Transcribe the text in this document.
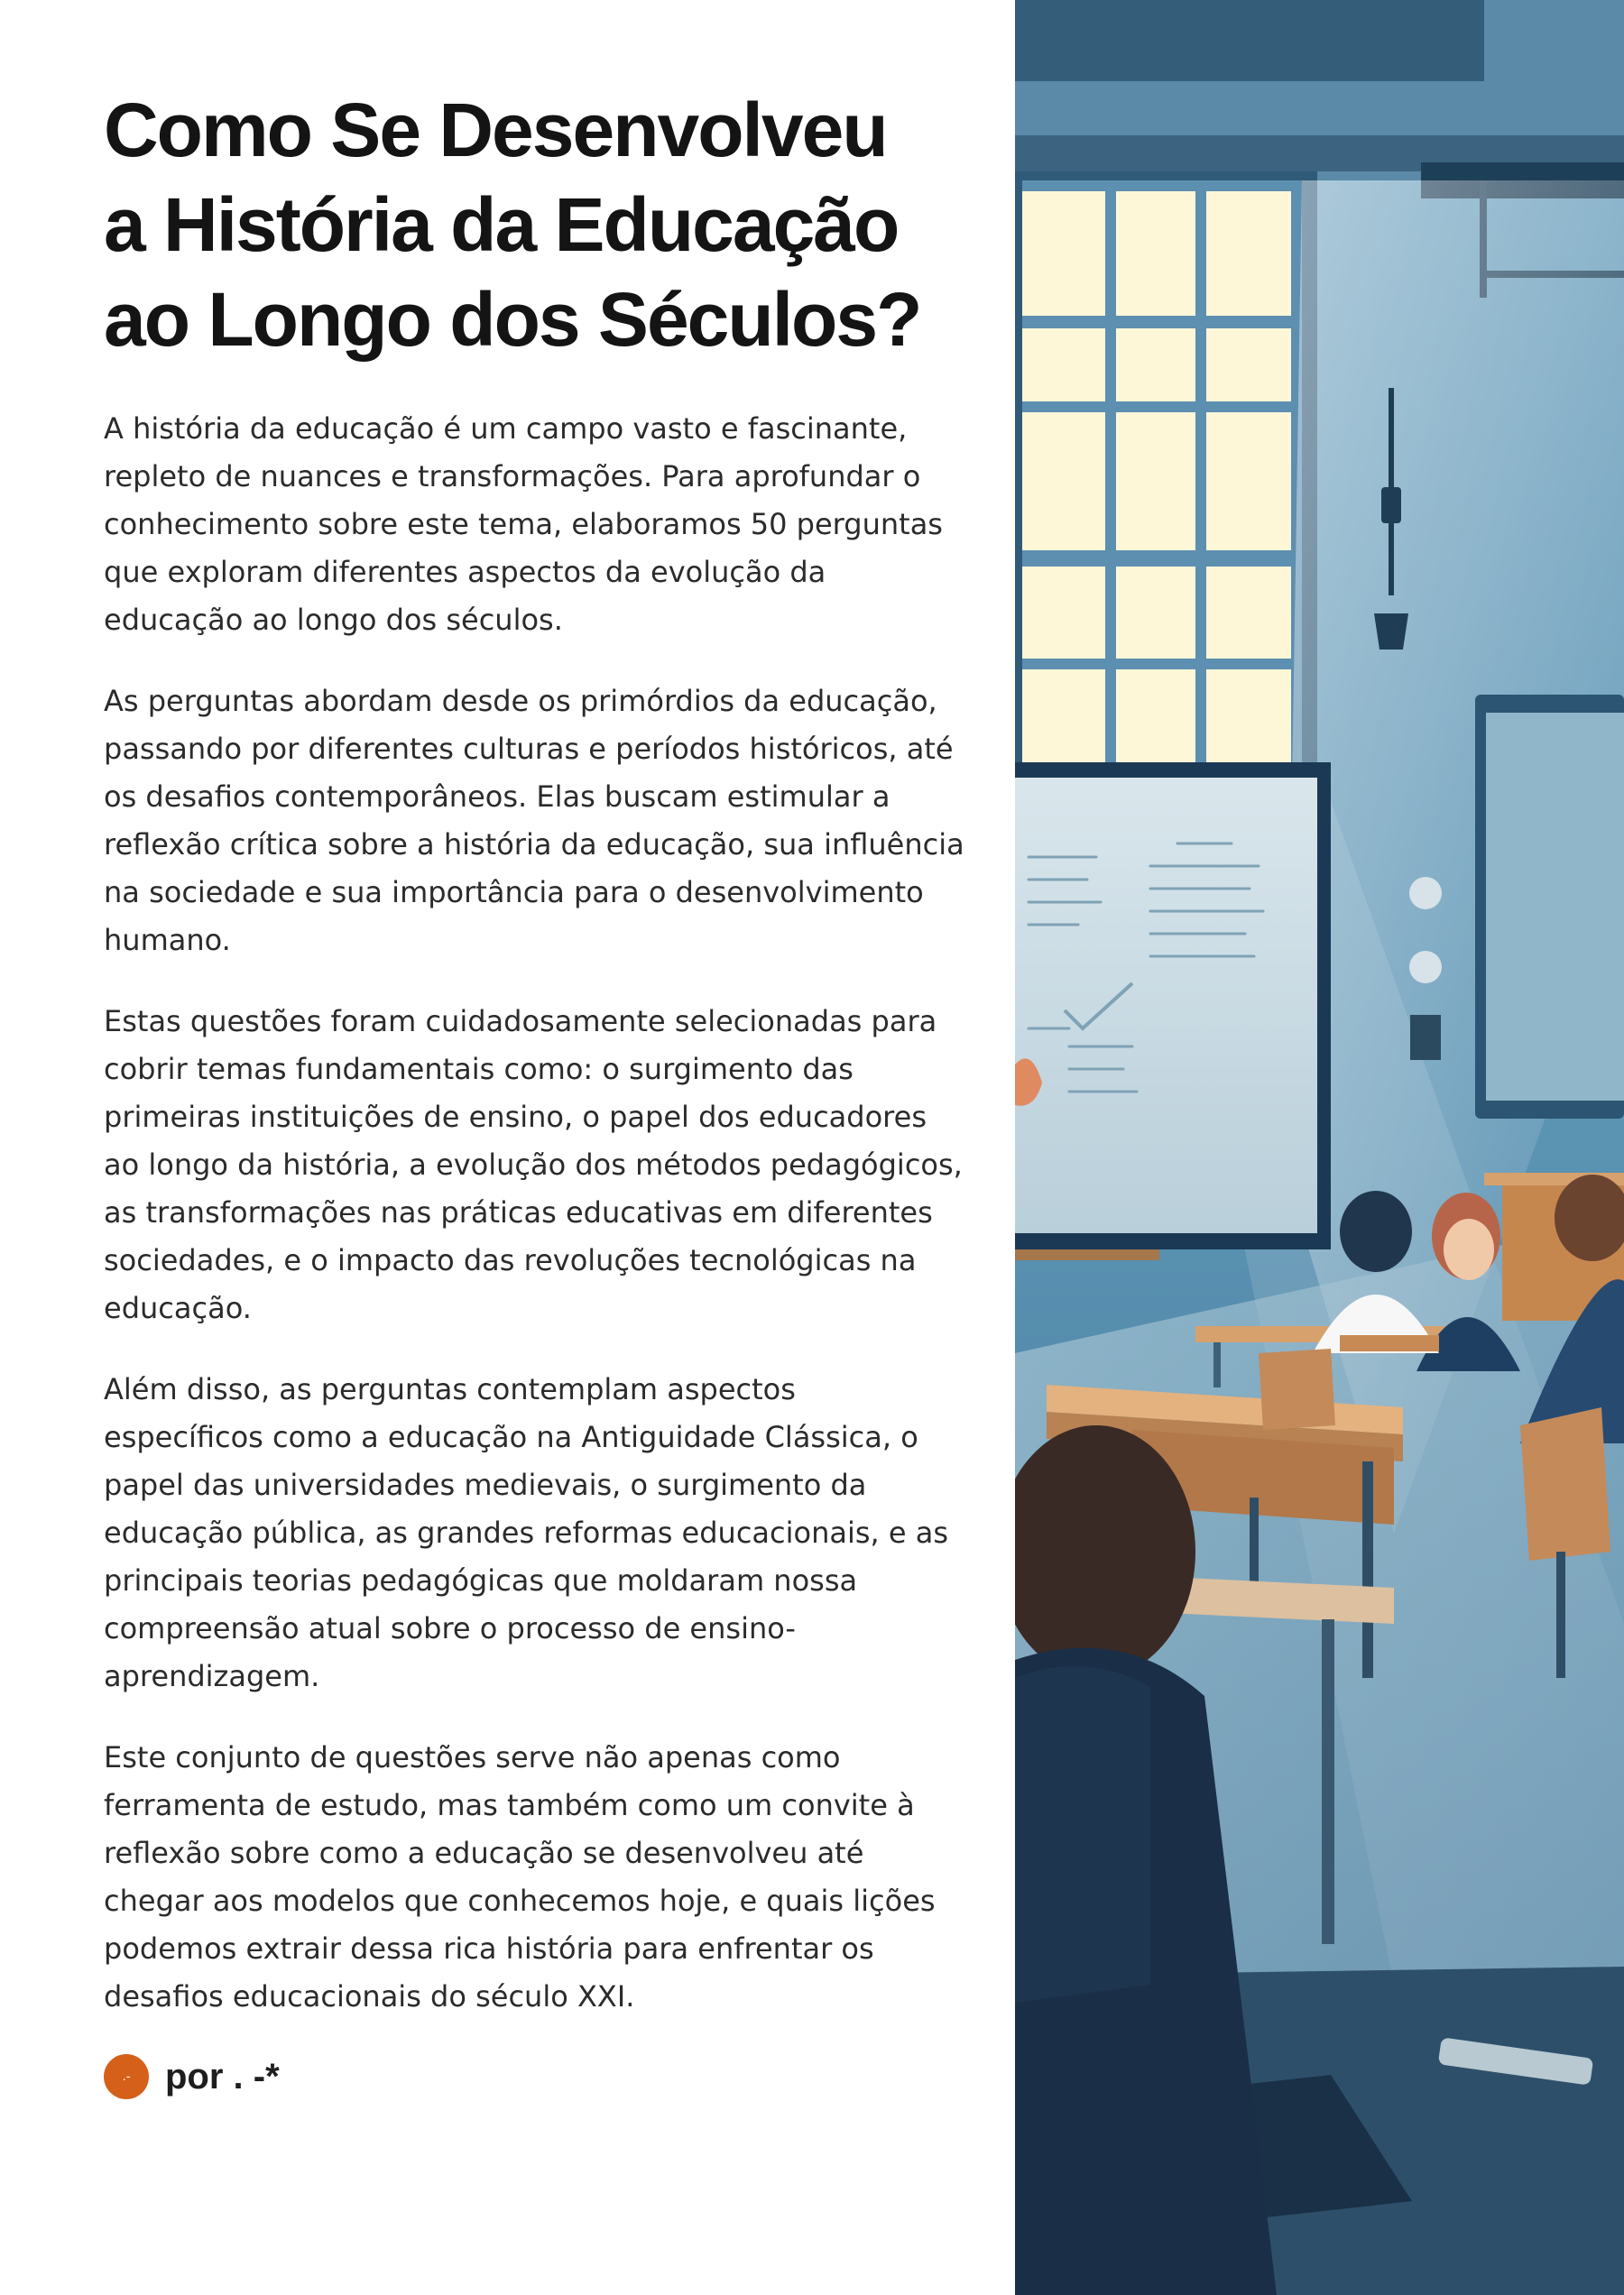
Como Se Desenvolveu
a História da Educação
ao Longo dos Séculos?

A história da educação é um campo vasto e fascinante,
repleto de nuances e transformações. Para aprofundar o
conhecimento sobre este tema, elaboramos 50 perguntas
que exploram diferentes aspectos da evolução da
educação ao longo dos séculos.

As perguntas abordam desde os primórdios da educação,
passando por diferentes culturas e períodos históricos, até
os desafios contemporâneos. Elas buscam estimular a
reflexão crítica sobre a história da educação, sua influência
na sociedade e sua importância para o desenvolvimento
humano.

Estas questões foram cuidadosamente selecionadas para
cobrir temas fundamentais como: o surgimento das
primeiras instituições de ensino, o papel dos educadores
ao longo da história, a evolução dos métodos pedagógicos,
as transformações nas práticas educativas em diferentes
sociedades, e o impacto das revoluções tecnológicas na
educação.

Além disso, as perguntas contemplam aspectos
específicos como a educação na Antiguidade Clássica, o
papel das universidades medievais, o surgimento da
educação pública, as grandes reformas educacionais, e as
principais teorias pedagógicas que moldaram nossa
compreensão atual sobre o processo de ensino-
aprendizagem.

Este conjunto de questões serve não apenas como
ferramenta de estudo, mas também como um convite à
reflexão sobre como a educação se desenvolveu até
chegar aos modelos que conhecemos hoje, e quais lições
podemos extrair dessa rica história para enfrentar os
desafios educacionais do século XXI.

.- por . -*
